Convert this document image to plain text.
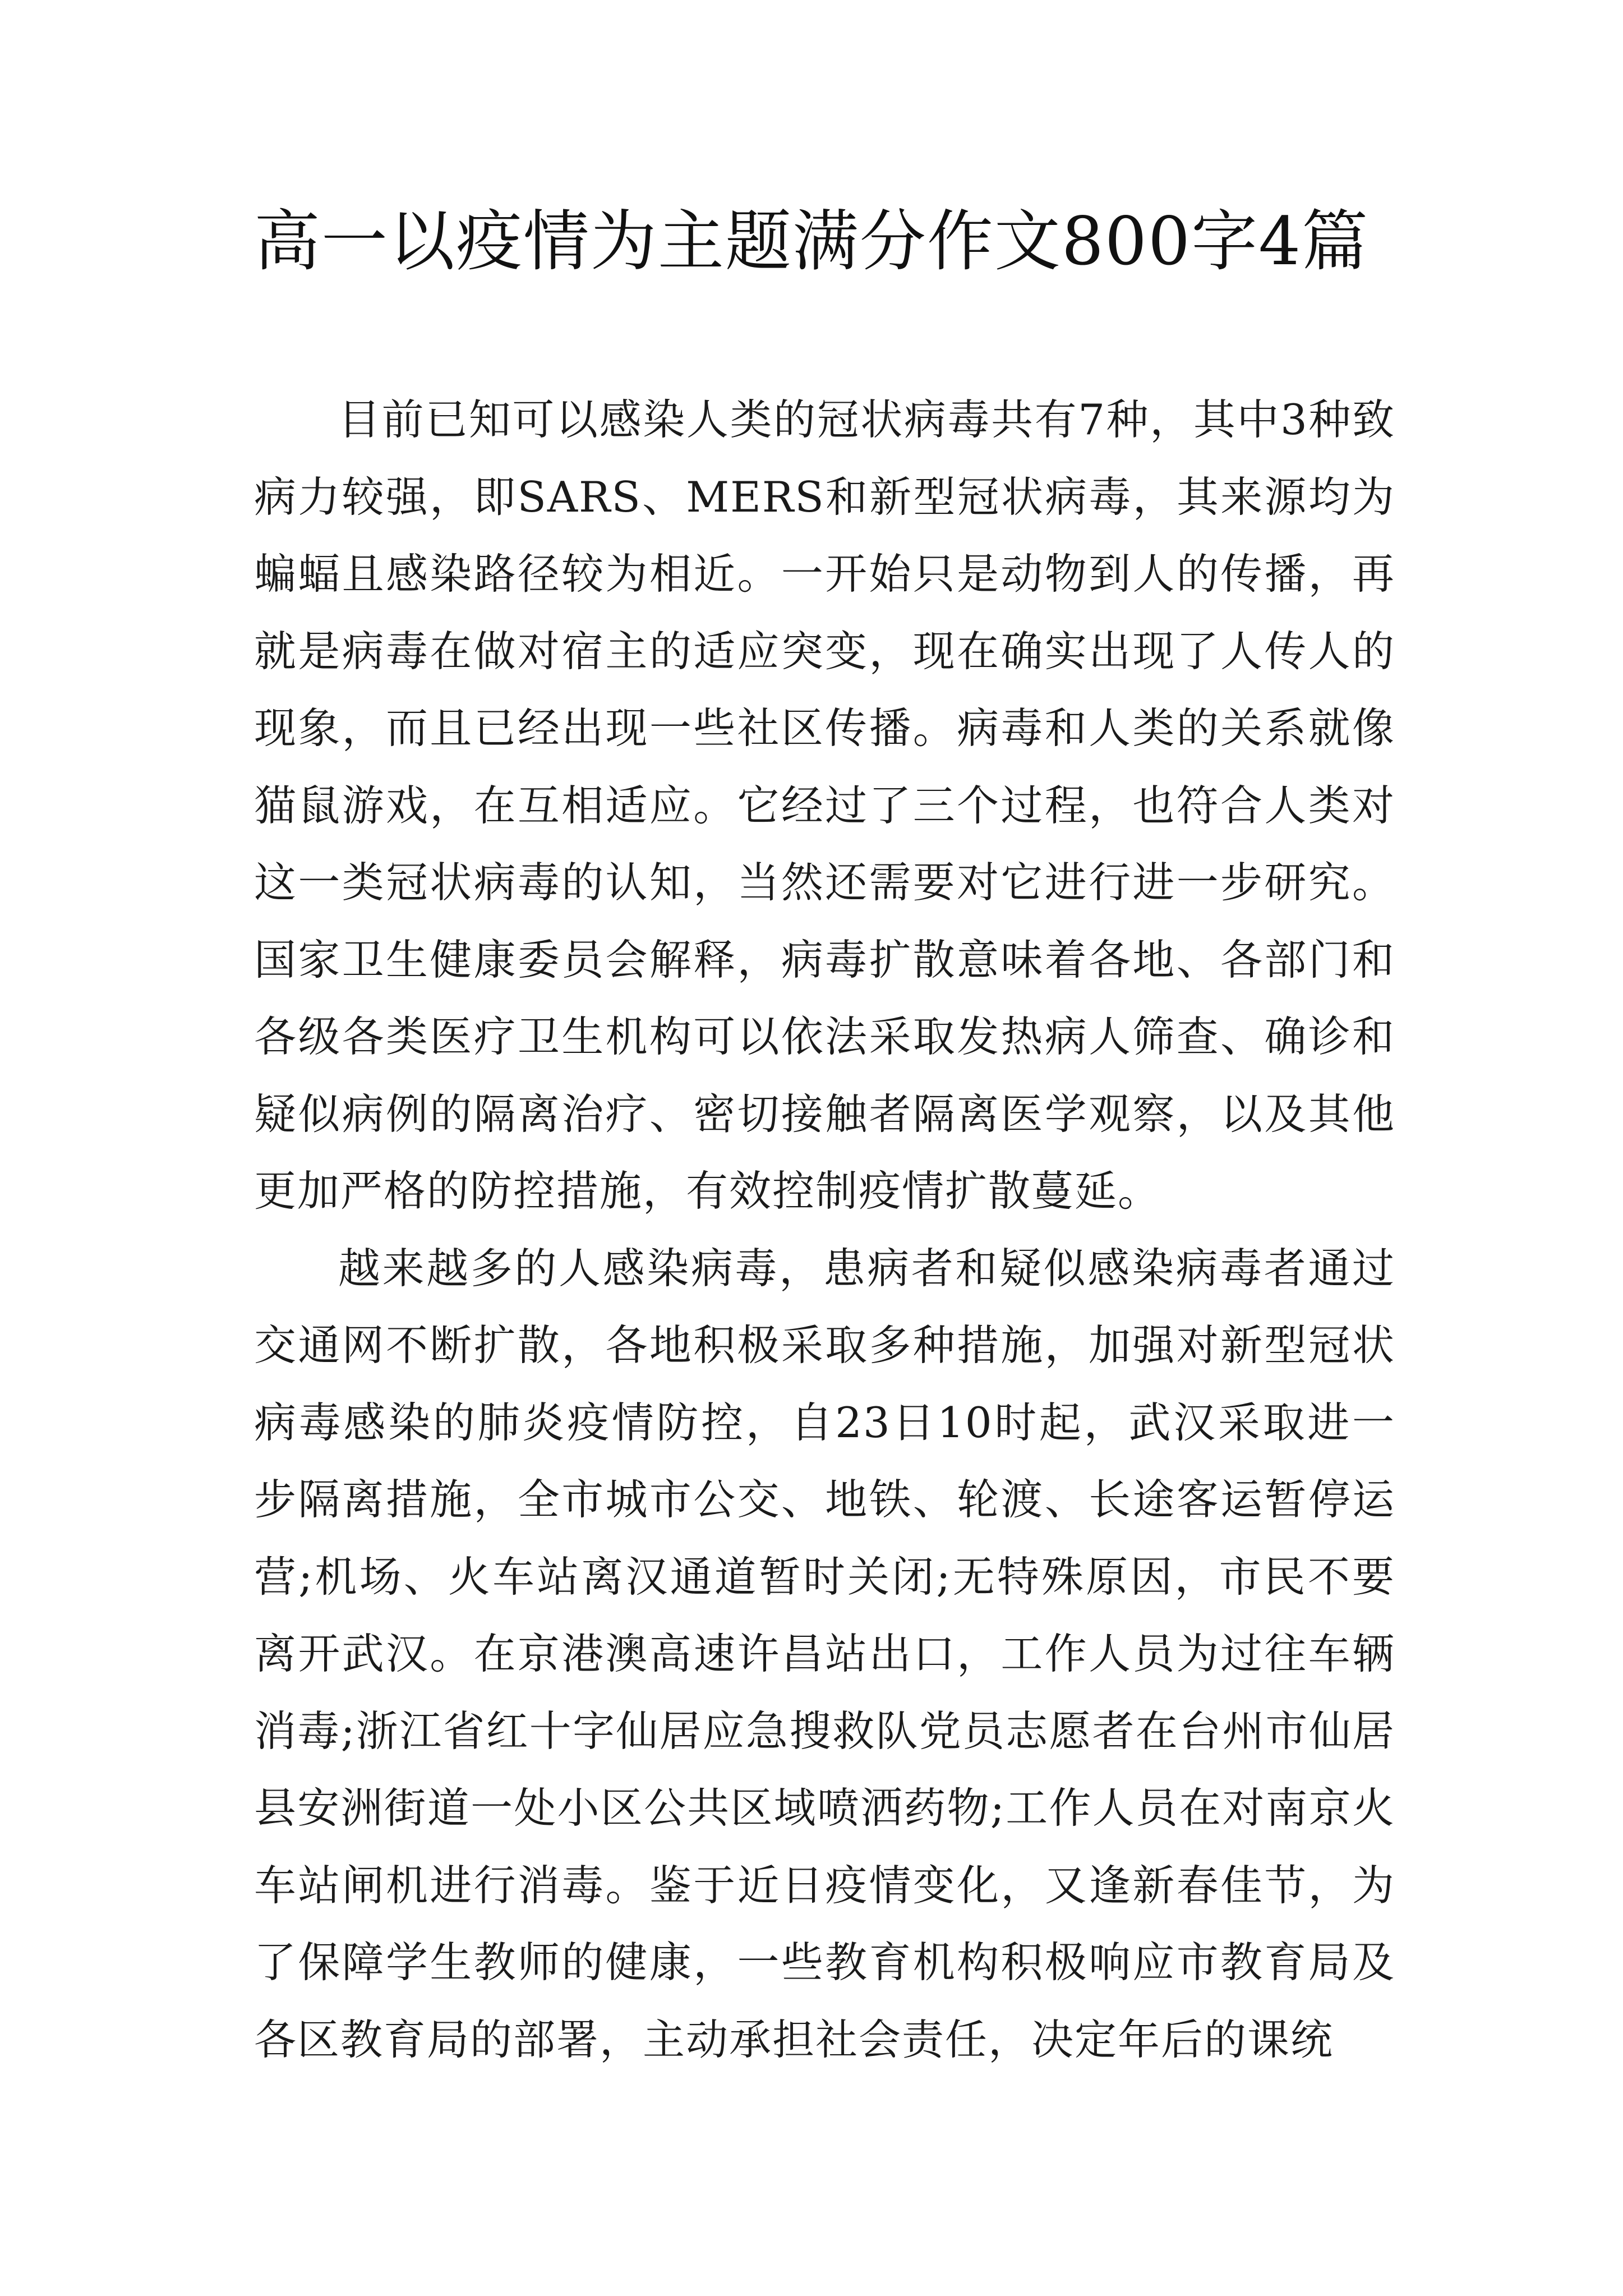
高一以疫情为主题满分作文800字4篇

目前已知可以感染人类的冠状病毒共有7种，其中3种致病力较强，即SARS、MERS和新型冠状病毒，其来源均为蝙蝠且感染路径较为相近。一开始只是动物到人的传播，再就是病毒在做对宿主的适应突变，现在确实出现了人传人的现象，而且已经出现一些社区传播。病毒和人类的关系就像猫鼠游戏，在互相适应。它经过了三个过程，也符合人类对这一类冠状病毒的认知，当然还需要对它进行进一步研究。国家卫生健康委员会解释，病毒扩散意味着各地、各部门和各级各类医疗卫生机构可以依法采取发热病人筛查、确诊和疑似病例的隔离治疗、密切接触者隔离医学观察，以及其他更加严格的防控措施，有效控制疫情扩散蔓延。

越来越多的人感染病毒，患病者和疑似感染病毒者通过交通网不断扩散，各地积极采取多种措施，加强对新型冠状病毒感染的肺炎疫情防控，自23日10时起，武汉采取进一步隔离措施，全市城市公交、地铁、轮渡、长途客运暂停运营;机场、火车站离汉通道暂时关闭;无特殊原因，市民不要离开武汉。在京港澳高速许昌站出口，工作人员为过往车辆消毒;浙江省红十字仙居应急搜救队党员志愿者在台州市仙居县安洲街道一处小区公共区域喷洒药物;工作人员在对南京火车站闸机进行消毒。鉴于近日疫情变化，又逢新春佳节，为了保障学生教师的健康，一些教育机构积极响应市教育局及各区教育局的部署，主动承担社会责任，决定年后的课统
